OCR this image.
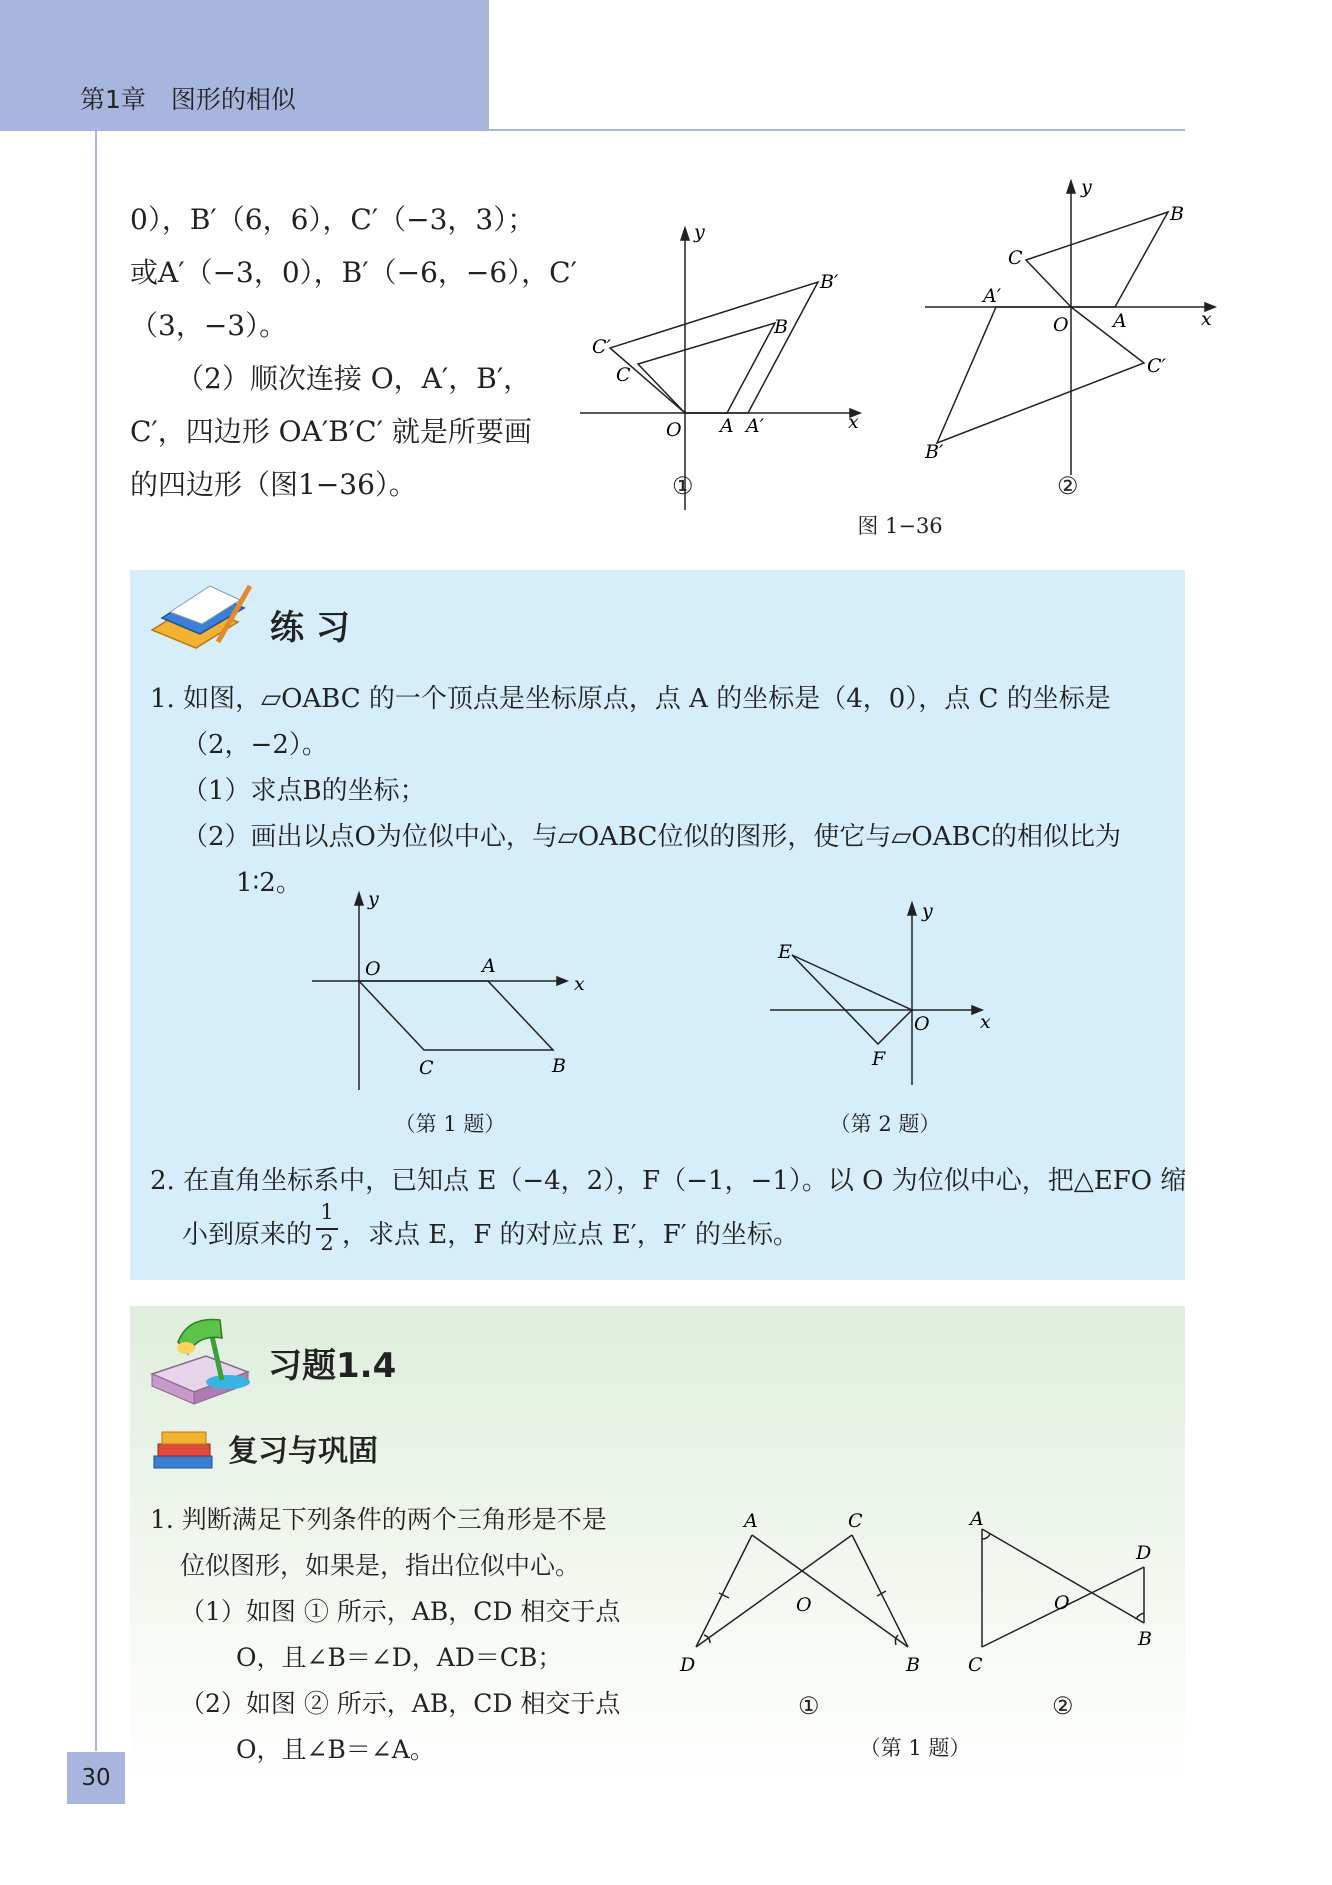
第1章　图形的相似
0），B′（6，6），C′（−3，3）；
或A′（−3，0），B′（−6，−6），C′
（3，−3）。
（2）顺次连接 O，A′，B′，
C′，四边形 OA′B′C′ 就是所要画
的四边形（图1−36）。
y
x
O A A′
B
B′
C
C′
①
y
x
O A
A′
B
B′
C
C′
②
图 1−36
练 习
1. 如图，▱OABC 的一个顶点是坐标原点，点 A 的坐标是（4，0），点 C 的坐标是
（2，−2）。
（1）求点B的坐标；
（2）画出以点O为位似中心，与▱OABC位似的图形，使它与▱OABC的相似比为
1∶2。
y
x
O	A
B
C
（第 1 题）
y
x
O
E
F
（第 2 题）
2. 在直角坐标系中，已知点 E（−4，2），F（−1，−1）。以 O 为位似中心，把△EFO 缩
小到原来的
1
2 ，求点 E，F 的对应点 E′，F′ 的坐标。
习题1.4
复习与巩固
1. 判断满足下列条件的两个三角形是不是
位似图形，如果是，指出位似中心。
（1）如图 ① 所示，AB，CD 相交于点
O，且∠B＝∠D，AD＝CB；
（2）如图 ② 所示，AB，CD 相交于点
O，且∠B＝∠A。
A	C
O
D	B
①
A
D
O
C
B
②
（第 1 题）
30
